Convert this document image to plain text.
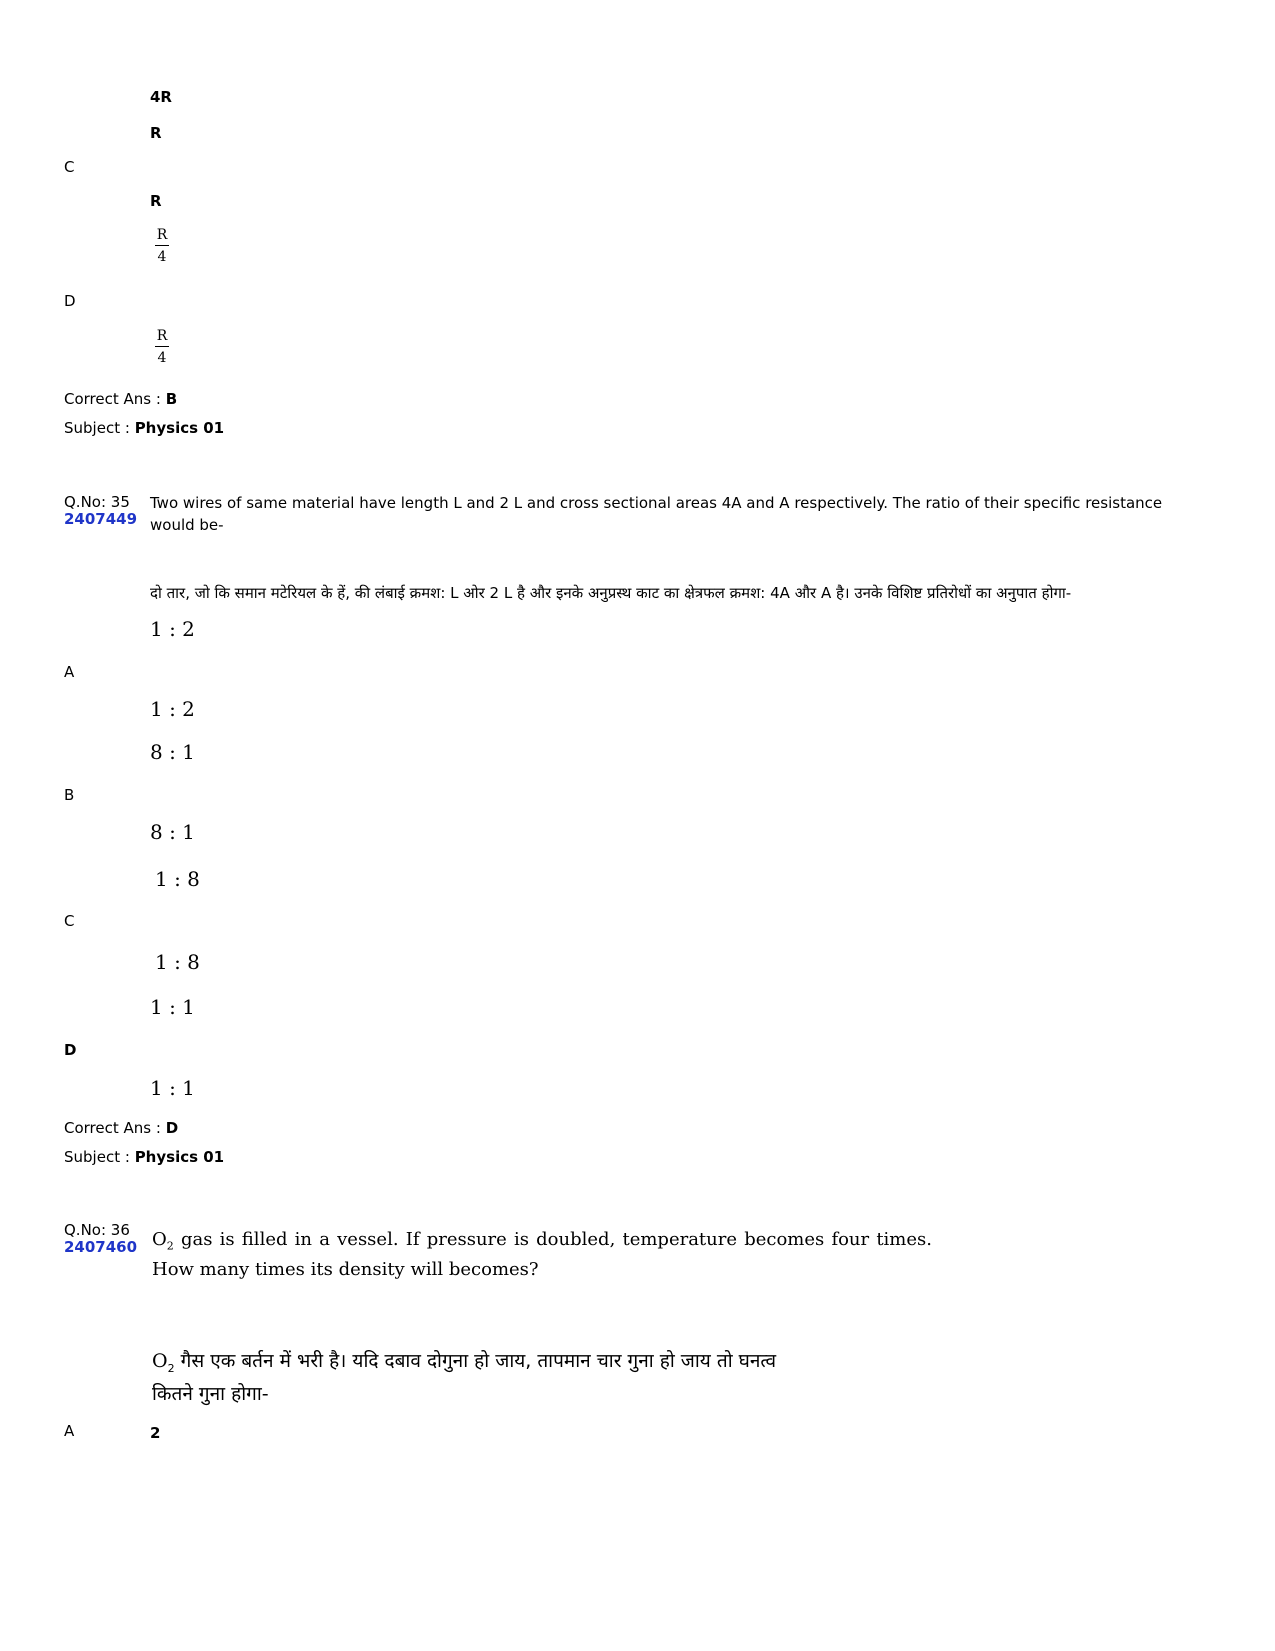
4R
R
C
R
$\frac{R}{4}$
D
$\frac{R}{4}$
Correct Ans : B
Subject : Physics 01
Q.No: 35
2407449
Two wires of same material have length L and 2 L and cross sectional areas 4A and A respectively. The ratio of their specific resistance would be-
दो तार, जो कि समान मटेरियल के हें, की लंबाई क्रमश: L ओर 2 L है और इनके अनुप्रस्थ काट का क्षेत्रफल क्रमश: 4A और A है। उनके विशिष्ट प्रतिरोधों का अनुपात होगा-
1 : 2
A
1 : 2
8 : 1
B
8 : 1
1 : 8
C
1 : 8
1 : 1
D
1 : 1
Correct Ans : D
Subject : Physics 01
Q.No: 36
2407460 $O_2$ gas is filled in a vessel. If pressure is doubled, temperature becomes four times.
How many times its density will becomes?
$O_2$ गैस एक बर्तन में भरी है। यदि दबाव दोगुना हो जाय, तापमान चार गुना हो जाय तो घनत्व
कितने गुना होगा-
A	2
